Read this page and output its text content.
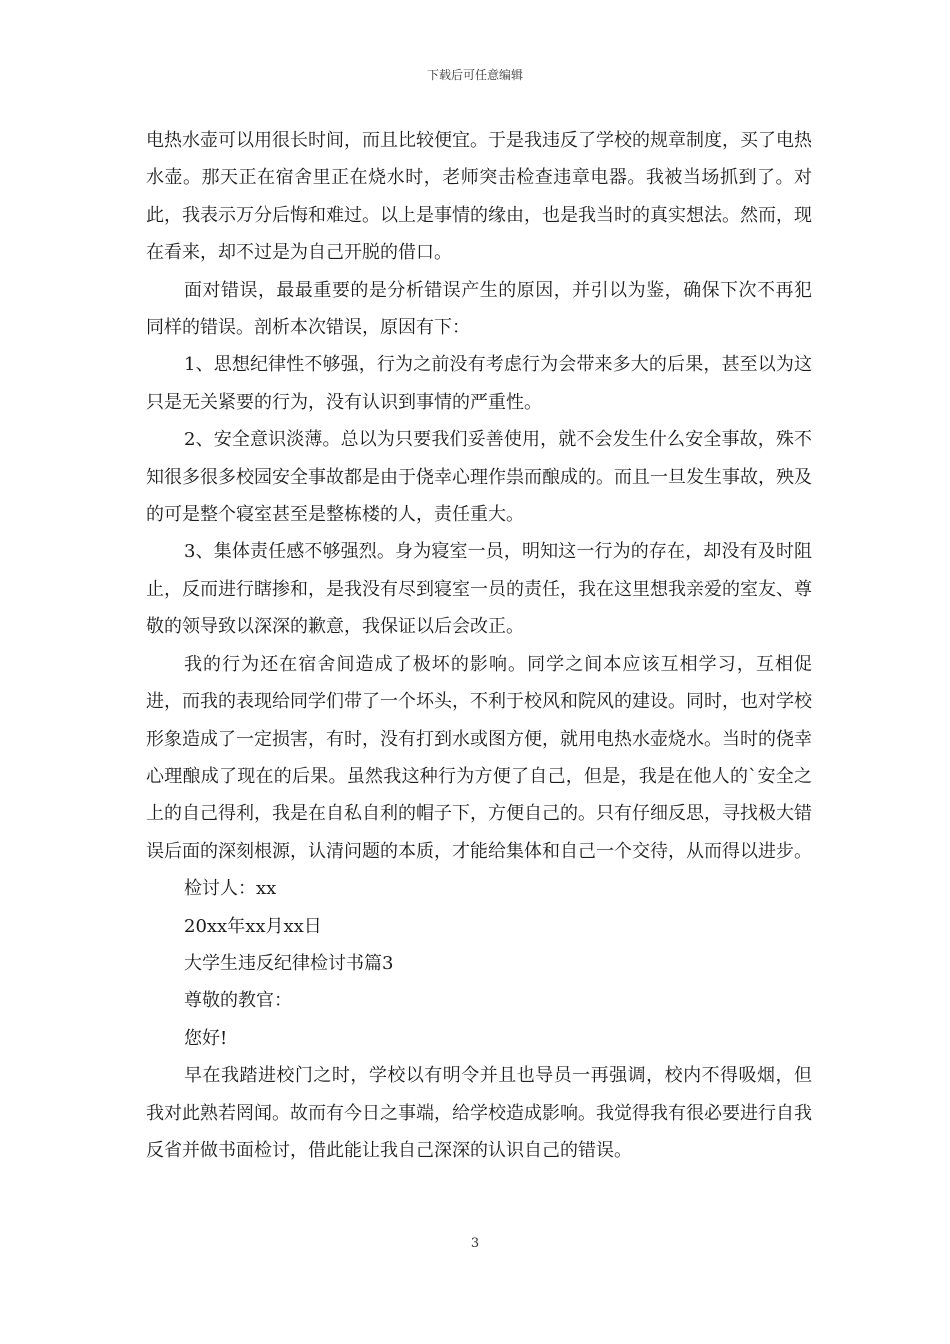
下载后可任意编辑

电热水壶可以用很长时间，而且比较便宜。于是我违反了学校的规章制度，买了电热水壶。那天正在宿舍里正在烧水时，老师突击检查违章电器。我被当场抓到了。对此，我表示万分后悔和难过。以上是事情的缘由，也是我当时的真实想法。然而，现在看来，却不过是为自己开脱的借口。

面对错误，最最重要的是分析错误产生的原因，并引以为鉴，确保下次不再犯同样的错误。剖析本次错误，原因有下：

1、思想纪律性不够强，行为之前没有考虑行为会带来多大的后果，甚至以为这只是无关紧要的行为，没有认识到事情的严重性。

2、安全意识淡薄。总以为只要我们妥善使用，就不会发生什么安全事故，殊不知很多很多校园安全事故都是由于侥幸心理作祟而酿成的。而且一旦发生事故，殃及的可是整个寝室甚至是整栋楼的人，责任重大。

3、集体责任感不够强烈。身为寝室一员，明知这一行为的存在，却没有及时阻止，反而进行瞎掺和，是我没有尽到寝室一员的责任，我在这里想我亲爱的室友、尊敬的领导致以深深的歉意，我保证以后会改正。

我的行为还在宿舍间造成了极坏的影响。同学之间本应该互相学习，互相促进，而我的表现给同学们带了一个坏头，不利于校风和院风的建设。同时，也对学校形象造成了一定损害，有时，没有打到水或图方便，就用电热水壶烧水。当时的侥幸心理酿成了现在的后果。虽然我这种行为方便了自己，但是，我是在他人的`安全之上的自己得利，我是在自私自利的帽子下，方便自己的。只有仔细反思，寻找极大错误后面的深刻根源，认清问题的本质，才能给集体和自己一个交待，从而得以进步。

检讨人：xx

20xx年xx月xx日

大学生违反纪律检讨书篇3

尊敬的教官：

您好!

早在我踏进校门之时，学校以有明令并且也导员一再强调，校内不得吸烟，但我对此熟若罔闻。故而有今日之事端，给学校造成影响。我觉得我有很必要进行自我反省并做书面检讨，借此能让我自己深深的认识自己的错误。

3
